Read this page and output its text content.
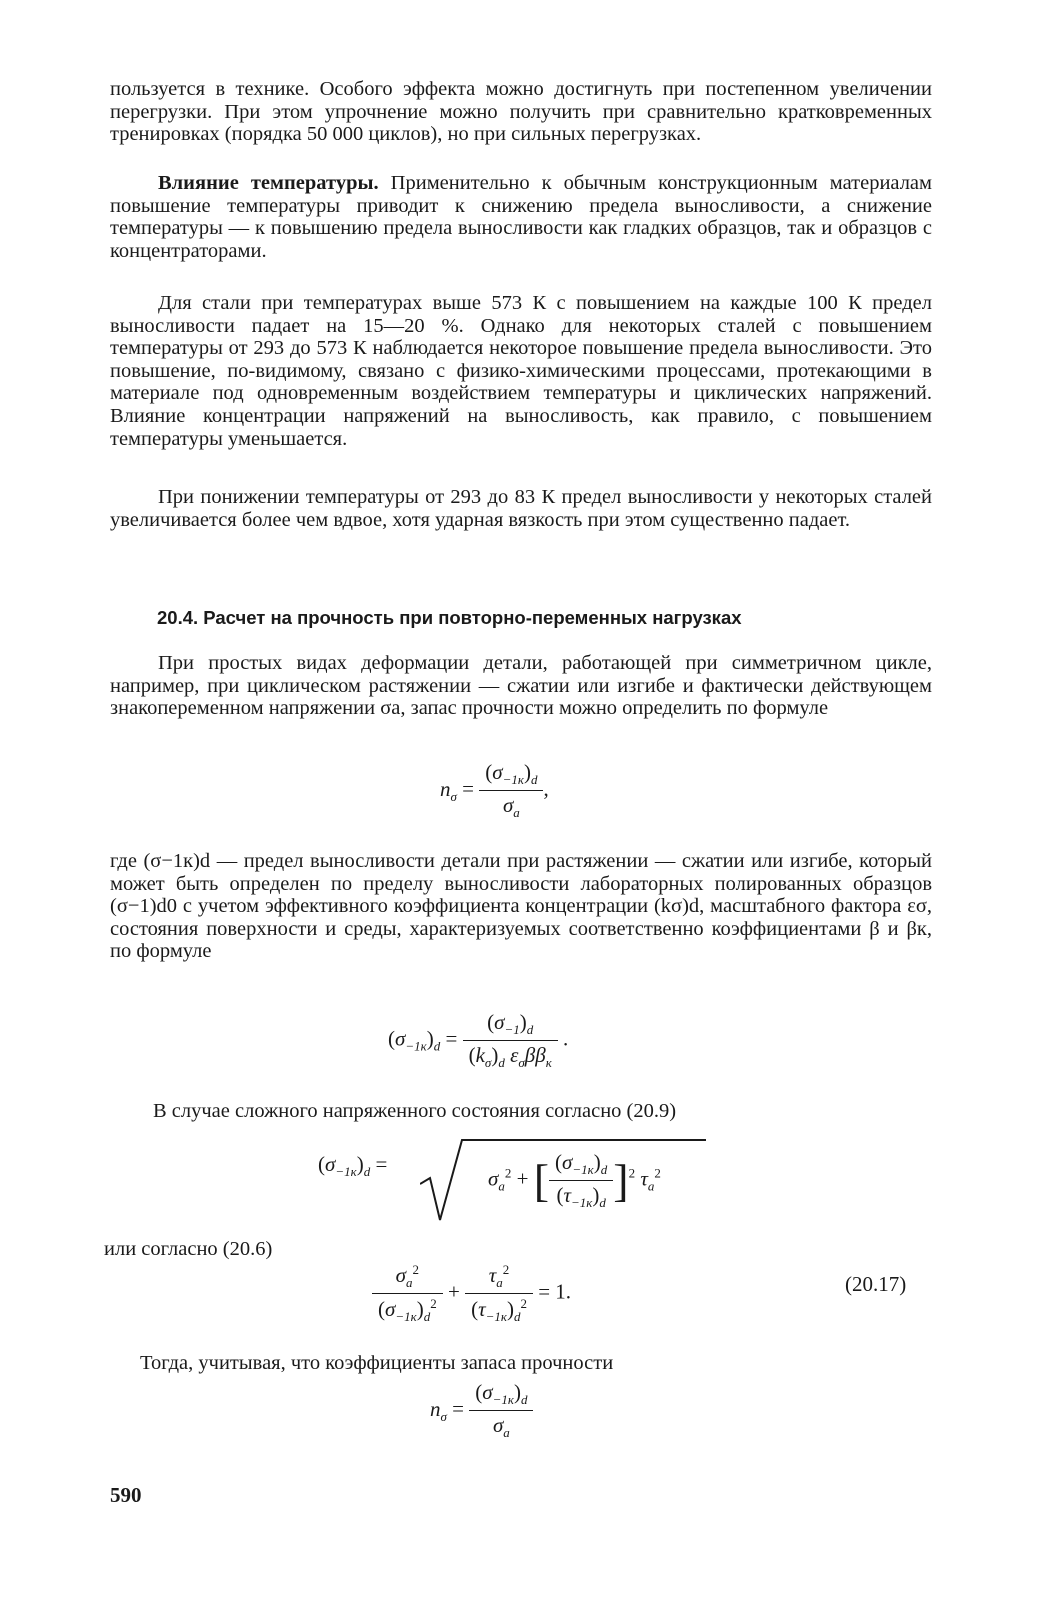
пользуется в технике. Особого эффекта можно достигнуть при постепенном увеличении перегрузки. При этом упрочнение можно получить при сравнительно кратковременных тренировках (порядка 50 000 циклов), но при сильных перегрузках.

Влияние температуры. Применительно к обычным конструкционным материалам повышение температуры приводит к снижению предела выносливости, а снижение температуры — к повышению предела выносливости как гладких образцов, так и образцов с концентраторами.

Для стали при температурах выше 573 К с повышением на каждые 100 К предел выносливости падает на 15—20 %. Однако для некоторых сталей с повышением температуры от 293 до 573 К наблюдается некоторое повышение предела выносливости. Это повышение, по-видимому, связано с физико-химическими процессами, протекающими в материале под одновременным воздействием температуры и циклических напряжений. Влияние концентрации напряжений на выносливость, как правило, с повышением температуры уменьшается.

При понижении температуры от 293 до 83 К предел выносливости у некоторых сталей увеличивается более чем вдвое, хотя ударная вязкость при этом существенно падает.

20.4. Расчет на прочность при повторно-переменных нагрузках

При простых видах деформации детали, работающей при симметричном цикле, например, при циклическом растяжении — сжатии или изгибе и фактически действующем знакопеременном напряжении σa, запас прочности можно определить по формуле

$n_\sigma = \frac{(\sigma_{-1к})_d}{\sigma_a}$ ,

где (σ−1к)d — предел выносливости детали при растяжении — сжатии или изгибе, который может быть определен по пределу выносливости лабораторных полированных образцов (σ−1)d0 с учетом эффективного коэффициента концентрации (kσ)d, масштабного фактора εσ, состояния поверхности и среды, характеризуемых соответственно коэффициентами β и βк, по формуле

$(\sigma_{-1к})_d = \frac{(\sigma_{-1})_d}{(k_\sigma)_d \varepsilon_\sigma\beta\beta_к}$ .
В случае сложного напряженного состояния согласно (20.9)
$(\sigma_{-1к})_d$ =
$\sigma_a^2$ + [ $\frac{(\sigma_{-1к})_d}{(\tau_{-1к})_d} ]^2$ $\tau_a^2$
или согласно (20.6)
$\frac{\sigma_a^2}{(\sigma_{-1к})_d^2} + \frac{\tau_a^2}{(\tau_{-1к})_d^2} = 1$.	(20.17)
Тогда, учитывая, что коэффициенты запаса прочности
$n_\sigma = \frac{(\sigma_{-1к})_d}{\sigma_a}$
590
